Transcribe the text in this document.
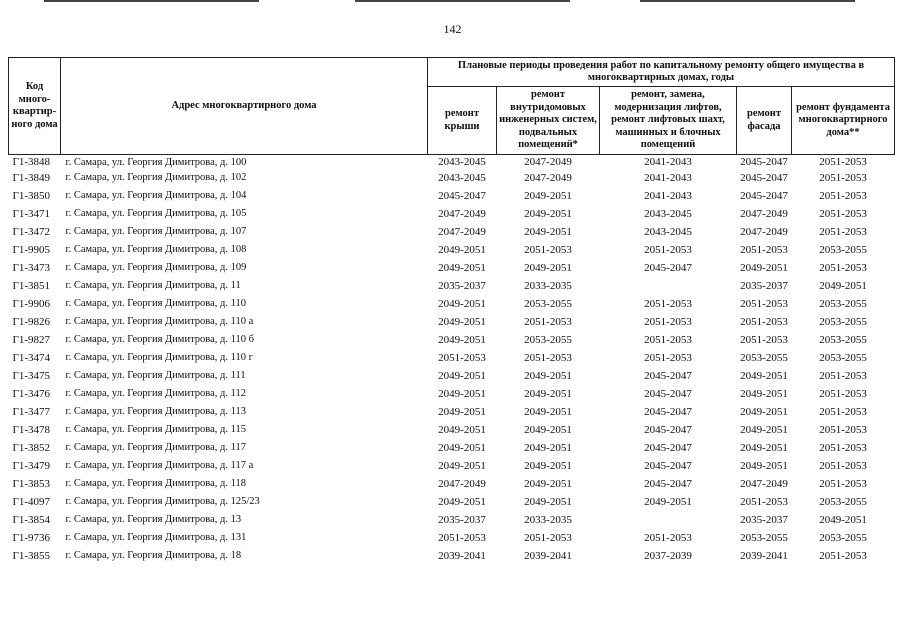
142
Код много-квартир-ного дома	Адрес многоквартирного дома	Плановые периоды проведения работ по капитальному ремонту общего имущества в многоквартирных домах, годы				
		ремонт крыши	ремонт внутридомовых инженерных систем, подвальных помещений*	ремонт, замена, модернизация лифтов, ремонт лифтовых шахт, машинных и блочных помещений	ремонт фасада	ремонт фундамента многоквартирного дома**
Г1-3848	г. Самара, ул. Георгия Димитрова, д. 100	2043-2045	2047-2049	2041-2043	2045-2047	2051-2053
Г1-3849	г. Самара, ул. Георгия Димитрова, д. 102	2043-2045	2047-2049	2041-2043	2045-2047	2051-2053
Г1-3850	г. Самара, ул. Георгия Димитрова, д. 104	2045-2047	2049-2051	2041-2043	2045-2047	2051-2053
Г1-3471	г. Самара, ул. Георгия Димитрова, д. 105	2047-2049	2049-2051	2043-2045	2047-2049	2051-2053
Г1-3472	г. Самара, ул. Георгия Димитрова, д. 107	2047-2049	2049-2051	2043-2045	2047-2049	2051-2053
Г1-9905	г. Самара, ул. Георгия Димитрова, д. 108	2049-2051	2051-2053	2051-2053	2051-2053	2053-2055
Г1-3473	г. Самара, ул. Георгия Димитрова, д. 109	2049-2051	2049-2051	2045-2047	2049-2051	2051-2053
Г1-3851	г. Самара, ул. Георгия Димитрова, д. 11	2035-2037	2033-2035		2035-2037	2049-2051
Г1-9906	г. Самара, ул. Георгия Димитрова, д. 110	2049-2051	2053-2055	2051-2053	2051-2053	2053-2055
Г1-9826	г. Самара, ул. Георгия Димитрова, д. 110 а	2049-2051	2051-2053	2051-2053	2051-2053	2053-2055
Г1-9827	г. Самара, ул. Георгия Димитрова, д. 110 б	2049-2051	2053-2055	2051-2053	2051-2053	2053-2055
Г1-3474	г. Самара, ул. Георгия Димитрова, д. 110 г	2051-2053	2051-2053	2051-2053	2053-2055	2053-2055
Г1-3475	г. Самара, ул. Георгия Димитрова, д. 111	2049-2051	2049-2051	2045-2047	2049-2051	2051-2053
Г1-3476	г. Самара, ул. Георгия Димитрова, д. 112	2049-2051	2049-2051	2045-2047	2049-2051	2051-2053
Г1-3477	г. Самара, ул. Георгия Димитрова, д. 113	2049-2051	2049-2051	2045-2047	2049-2051	2051-2053
Г1-3478	г. Самара, ул. Георгия Димитрова, д. 115	2049-2051	2049-2051	2045-2047	2049-2051	2051-2053
Г1-3852	г. Самара, ул. Георгия Димитрова, д. 117	2049-2051	2049-2051	2045-2047	2049-2051	2051-2053
Г1-3479	г. Самара, ул. Георгия Димитрова, д. 117 а	2049-2051	2049-2051	2045-2047	2049-2051	2051-2053
Г1-3853	г. Самара, ул. Георгия Димитрова, д. 118	2047-2049	2049-2051	2045-2047	2047-2049	2051-2053
Г1-4097	г. Самара, ул. Георгия Димитрова, д. 125/23	2049-2051	2049-2051	2049-2051	2051-2053	2053-2055
Г1-3854	г. Самара, ул. Георгия Димитрова, д. 13	2035-2037	2033-2035		2035-2037	2049-2051
Г1-9736	г. Самара, ул. Георгия Димитрова, д. 131	2051-2053	2051-2053	2051-2053	2053-2055	2053-2055
Г1-3855	г. Самара, ул. Георгия Димитрова, д. 18	2039-2041	2039-2041	2037-2039	2039-2041	2051-2053
